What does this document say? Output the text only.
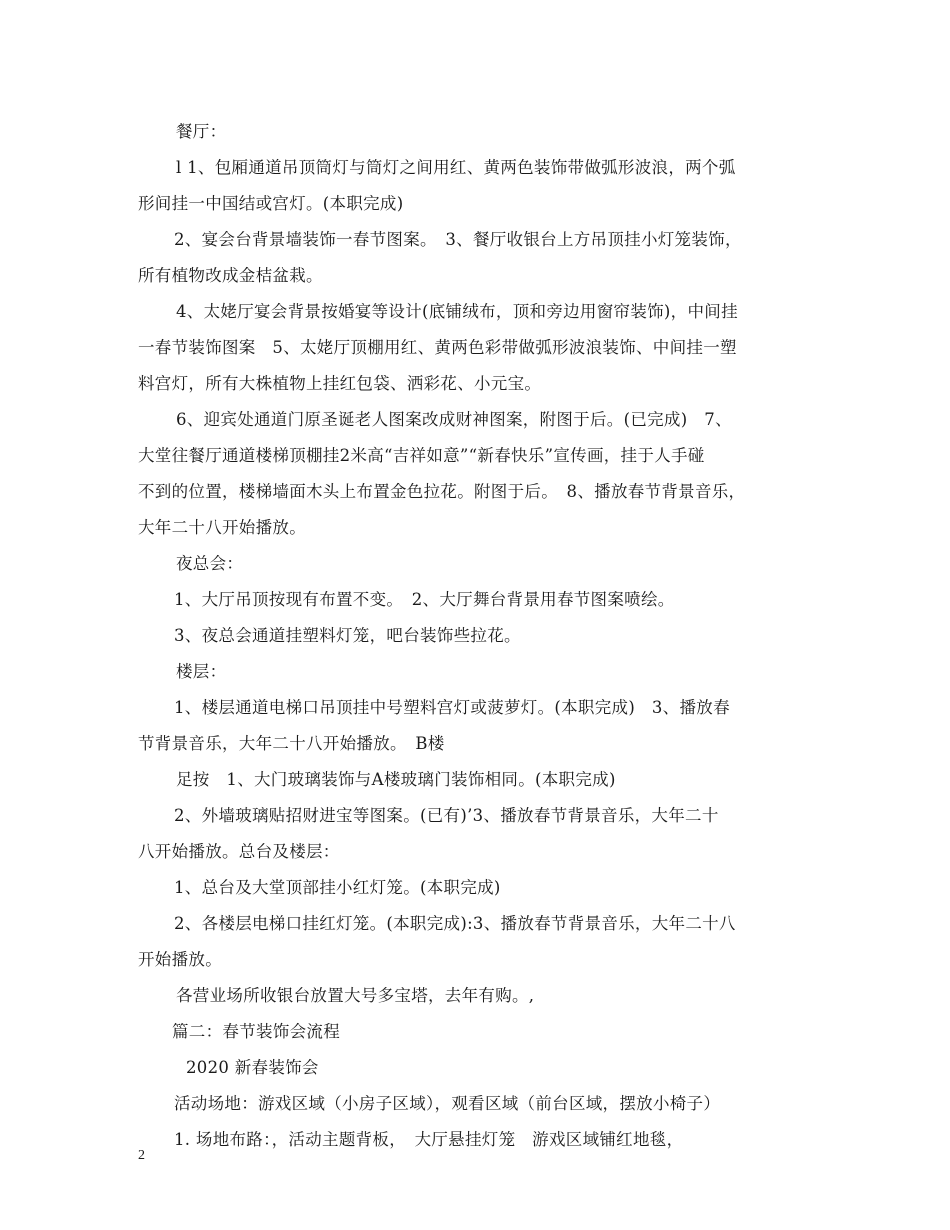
餐厅：
l 1、包厢通道吊顶筒灯与筒灯之间用红、黄两色装饰带做弧形波浪，两个弧
形间挂一中国结或宫灯。(本职完成)
2、宴会台背景墙装饰一春节图案。　3、餐厅收银台上方吊顶挂小灯笼装饰，
所有植物改成金桔盆栽。
4、太姥厅宴会背景按婚宴等设计(底铺绒布，顶和旁边用窗帘装饰)，中间挂
一春节装饰图案　5、太姥厅顶棚用红、黄两色彩带做弧形波浪装饰、中间挂一塑
料宫灯，所有大株植物上挂红包袋、洒彩花、小元宝。
6、迎宾处通道门原圣诞老人图案改成财神图案，附图于后。(已完成)　7、
大堂往餐厅通道楼梯顶棚挂2米高“吉祥如意”“新春快乐”宣传画，挂于人手碰
不到的位置，楼梯墙面木头上布置金色拉花。附图于后。　8、播放春节背景音乐，
大年二十八开始播放。
夜总会：
1、大厅吊顶按现有布置不变。　2、大厅舞台背景用春节图案喷绘。
3、夜总会通道挂塑料灯笼，吧台装饰些拉花。
楼层：
1、楼层通道电梯口吊顶挂中号塑料宫灯或菠萝灯。(本职完成)　3、播放春
节背景音乐，大年二十八开始播放。　B楼
足按　1、大门玻璃装饰与A楼玻璃门装饰相同。(本职完成)
2、外墙玻璃贴招财进宝等图案。(已有)’3、播放春节背景音乐，大年二十
八开始播放。总台及楼层：
1、总台及大堂顶部挂小红灯笼。(本职完成)
2、各楼层电梯口挂红灯笼。(本职完成):3、播放春节背景音乐，大年二十八
开始播放。
各营业场所收银台放置大号多宝塔，去年有购。,
篇二：春节装饰会流程
2020 新春装饰会
活动场地：游戏区域（小房子区域），观看区域（前台区域，摆放小椅子）
1. 场地布路：，活动主题背板，　大厅悬挂灯笼　游戏区域铺红地毯，
2
